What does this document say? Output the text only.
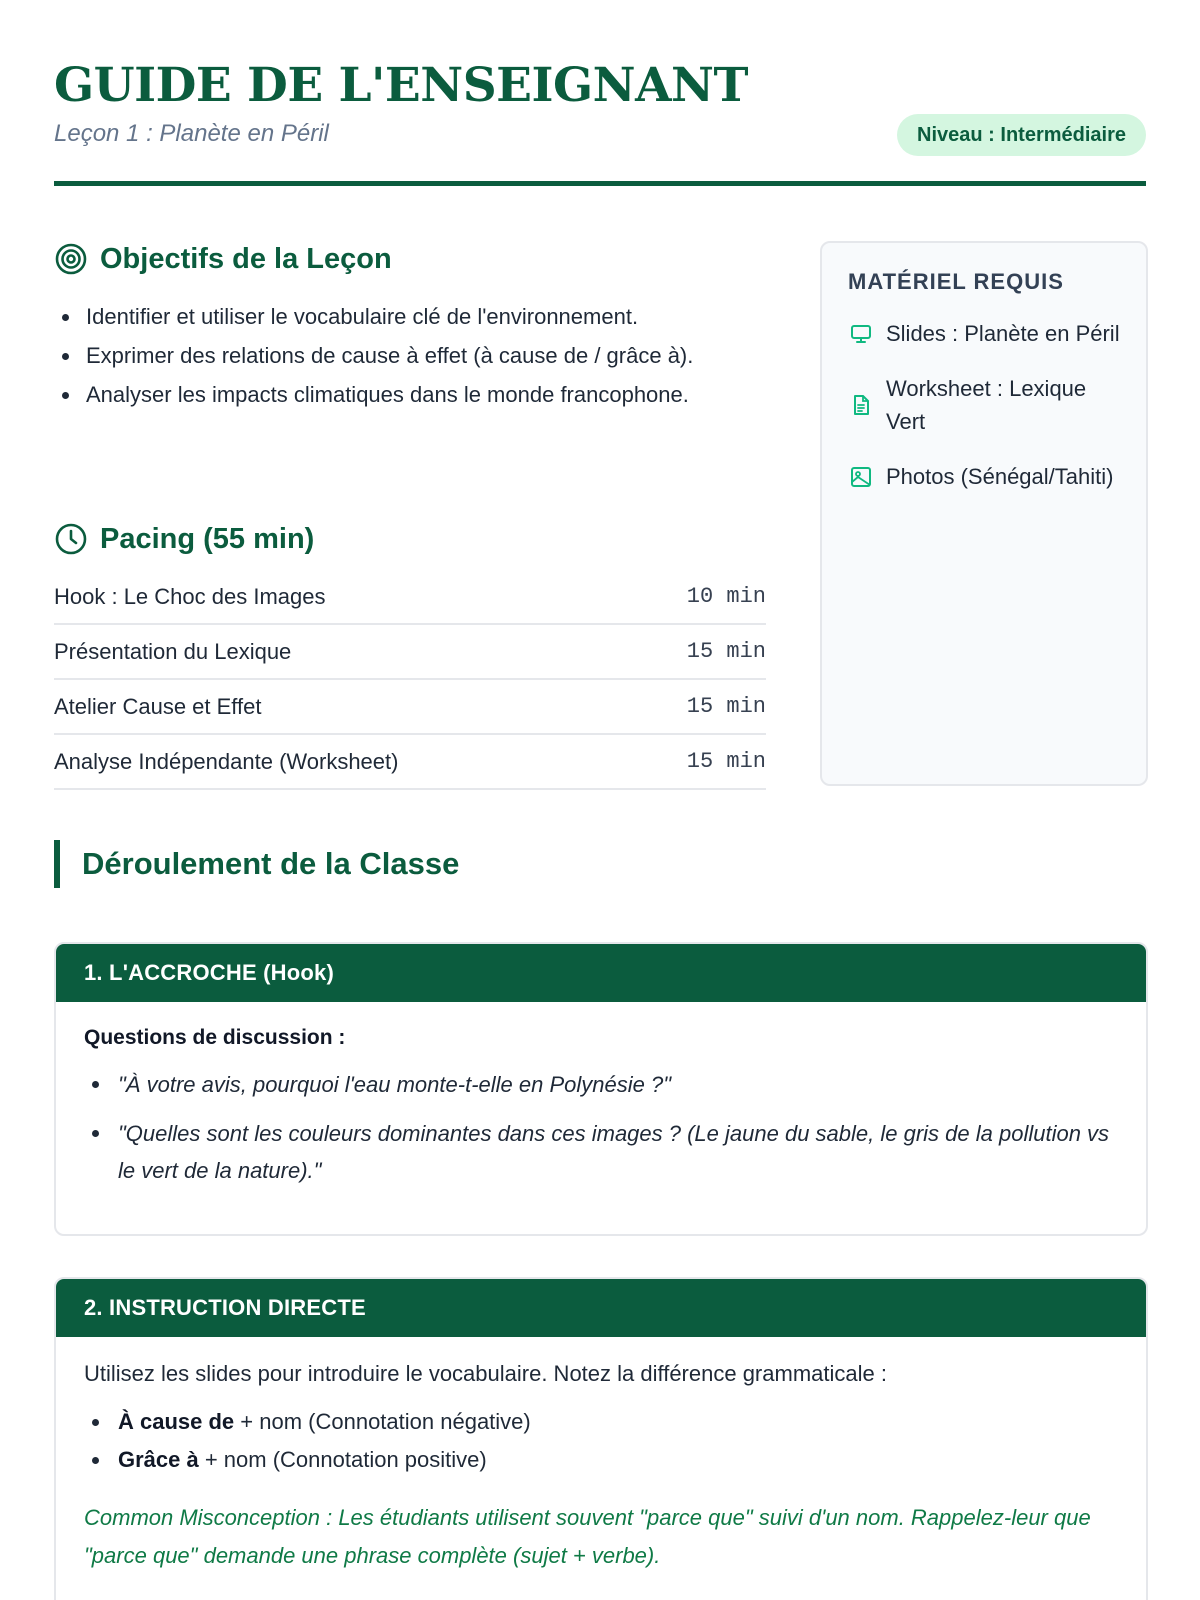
GUIDE DE L'ENSEIGNANT
Leçon 1 : Planète en Péril	Niveau : Intermédiaire
Objectifs de la Leçon
Identifier et utiliser le vocabulaire clé de l'environnement.
Exprimer des relations de cause à effet (à cause de / grâce à).
Analyser les impacts climatiques dans le monde francophone.
Pacing (55 min)
Hook : Le Choc des Images	10 min
Présentation du Lexique	15 min
Atelier Cause et Effet	15 min
Analyse Indépendante (Worksheet)	15 min
MATÉRIEL REQUIS
Slides : Planète en Péril
Worksheet : Lexique Vert
Photos (Sénégal/Tahiti)
Déroulement de la Classe
1. L'ACCROCHE (Hook)
Questions de discussion :
"À votre avis, pourquoi l'eau monte-t-elle en Polynésie ?"
"Quelles sont les couleurs dominantes dans ces images ? (Le jaune du sable, le gris de la pollution vs le vert de la nature)."
2. INSTRUCTION DIRECTE

Utilisez les slides pour introduire le vocabulaire. Notez la différence grammaticale :

À cause de + nom (Connotation négative)
Grâce à + nom (Connotation positive)

Common Misconception : Les étudiants utilisent souvent "parce que" suivi d'un nom. Rappelez-leur que "parce que" demande une phrase complète (sujet + verbe).
